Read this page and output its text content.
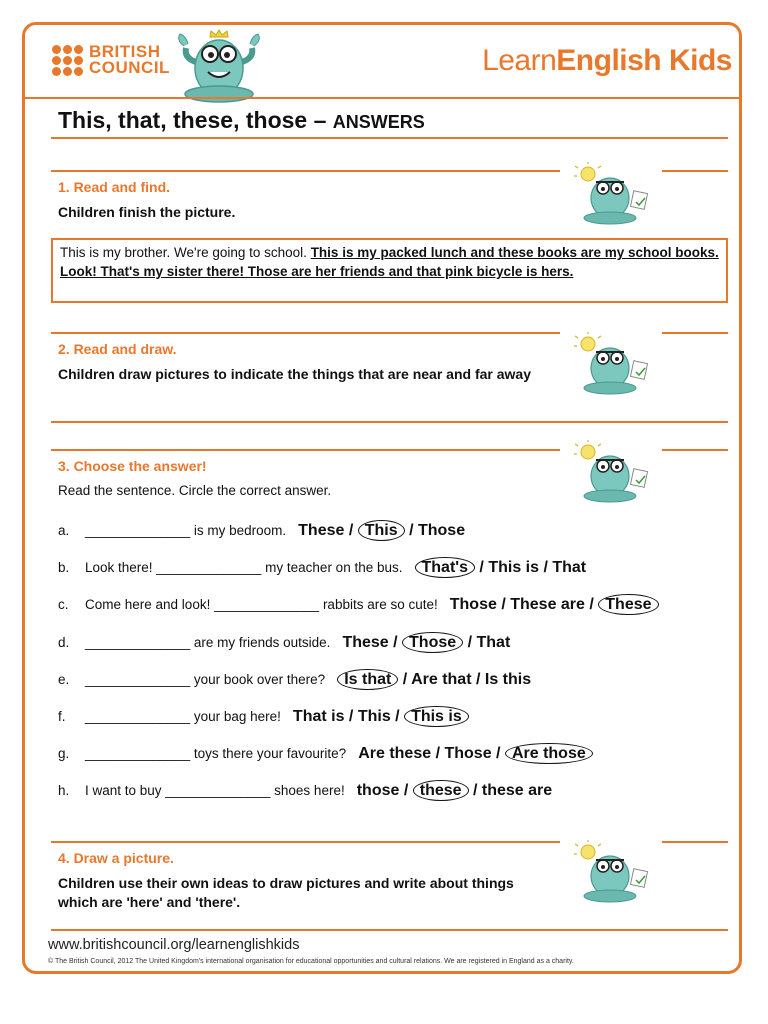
BRITISH
COUNCIL	LearnEnglish Kids
This, that, these, those – ANSWERS
1. Read and find.
Children finish the picture.
This is my brother. We're going to school. This is my packed lunch and these books are my school books. Look! That's my sister there! Those are her friends and that pink bicycle is hers.
2. Read and draw.
Children draw pictures to indicate the things that are near and far away
3. Choose the answer!
Read the sentence. Circle the correct answer.
a.	______________ is my bedroom. These / This / Those
b.	Look there! ______________ my teacher on the bus.	That's / This is / That
c.	Come here and look! ______________ rabbits are so cute! Those / These are / These
d.	______________ are my friends outside. These / Those / That
e.	______________ your book over there?	Is that / Are that / Is this
f.	______________ your bag here! That is / This / This is
g.	______________ toys there your favourite? Are these / Those / Are those
h.	I want to buy ______________ shoes here! those / these / these are
4. Draw a picture.
Children use their own ideas to draw pictures and write about things which are 'here' and 'there'.
www.britishcouncil.org/learnenglishkids
© The British Council, 2012 The United Kingdom's international organisation for educational opportunities and cultural relations. We are registered in England as a charity.
